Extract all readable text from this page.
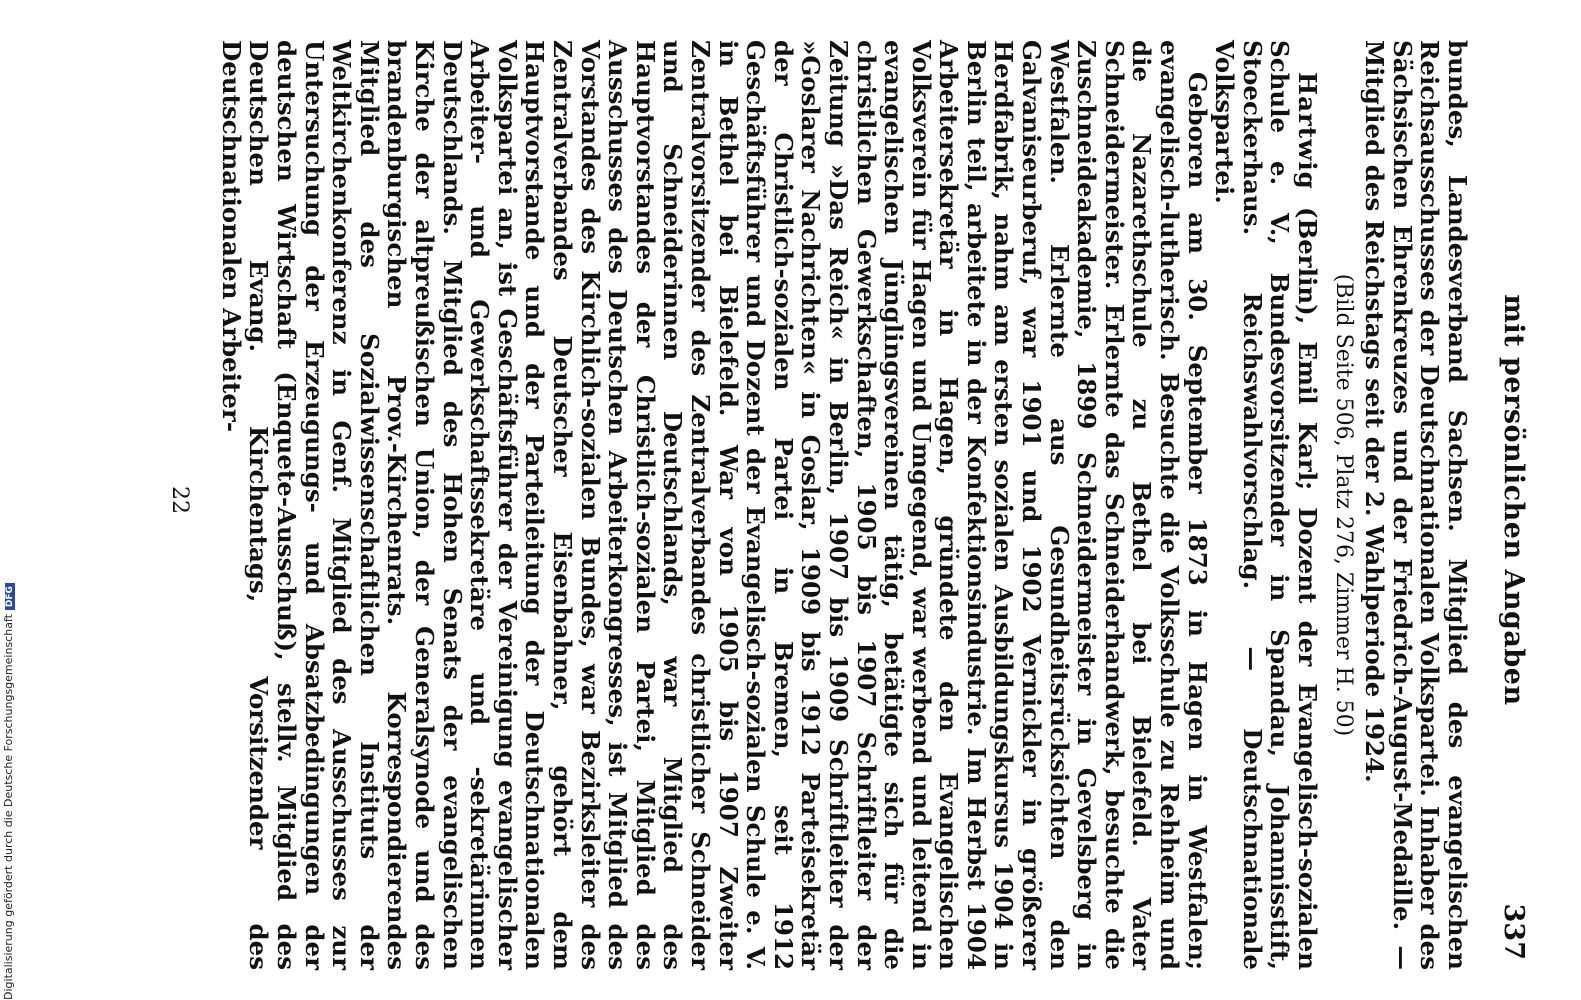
mit persönlichen Angaben
337

bundes, Landesverband Sachsen. Mitglied des evangelischen Reichsausschusses der Deutschnationalen Volkspartei. Inhaber des Sächsischen Ehrenkreuzes und der Friedrich-August-Medaille. — Mitglied des Reichstags seit der 2. Wahlperiode 1924.

(Bild Seite 506, Platz 276, Zimmer H. 50)

Hartwig (Berlin), Emil Karl; Dozent der Evangelisch-sozialen Schule e. V., Bundesvorsitzender in Spandau, Johannisstift, Stoeckerhaus. Reichswahlvorschlag. — Deutschnationale Volkspartei.

Geboren am 30. September 1873 in Hagen in Westfalen; evangelisch-lutherisch. Besuchte die Volksschule zu Rehheim und die Nazarethschule zu Bethel bei Bielefeld. Vater Schneidermeister. Erlernte das Schneiderhandwerk, besuchte die Zuschneideakademie, 1899 Schneidermeister in Gevelsberg in Westfalen. Erlernte aus Gesundheitsrücksichten den Galvaniseurberuf, war 1901 und 1902 Vernickler in größerer Herdfabrik, nahm am ersten sozialen Ausbildungskursus 1904 in Berlin teil, arbeitete in der Konfektionsindustrie. Im Herbst 1904 Arbeitersekretär in Hagen, gründete den Evangelischen Volksverein für Hagen und Umgegend, war werbend und leitend in evangelischen Jünglingsvereinen tätig, betätigte sich für die christlichen Gewerkschaften, 1905 bis 1907 Schriftleiter der Zeitung »Das Reich« in Berlin, 1907 bis 1909 Schriftleiter der »Goslarer Nachrichten« in Goslar, 1909 bis 1912 Parteisekretär der Christlich-sozialen Partei in Bremen, seit 1912 Geschäftsführer und Dozent der Evangelisch-sozialen Schule e. V. in Bethel bei Bielefeld. War von 1905 bis 1907 Zweiter Zentralvorsitzender des Zentralverbandes christlicher Schneider und Schneiderinnen Deutschlands, war Mitglied des Hauptvorstandes der Christlich-sozialen Partei, Mitglied des Ausschusses des Deutschen Arbeiterkongresses, ist Mitglied des Vorstandes des Kirchlich-sozialen Bundes, war Bezirksleiter des Zentralverbandes Deutscher Eisenbahner, gehört dem Hauptvorstande und der Parteileitung der Deutschnationalen Volkspartei an, ist Geschäftsführer der Vereinigung evangelischer Arbeiter- und Gewerkschaftssekretäre und -sekretärinnen Deutschlands. Mitglied des Hohen Senats der evangelischen Kirche der altpreußischen Union, der Generalsynode und des brandenburgischen Prov.-Kirchenrats. Korrespondierendes Mitglied des Sozialwissenschaftlichen Instituts der Weltkirchenkonferenz in Genf. Mitglied des Ausschusses zur Untersuchung der Erzeugungs- und Absatzbedingungen der deutschen Wirtschaft (Enquete-Ausschuß), stellv. Mitglied des Deutschen Evang. Kirchentags, Vorsitzender des Deutschnationalen Arbeiter-

22
Digitalisierung gefördert durch die Deutsche ForschungsgemeinschaftDFG
